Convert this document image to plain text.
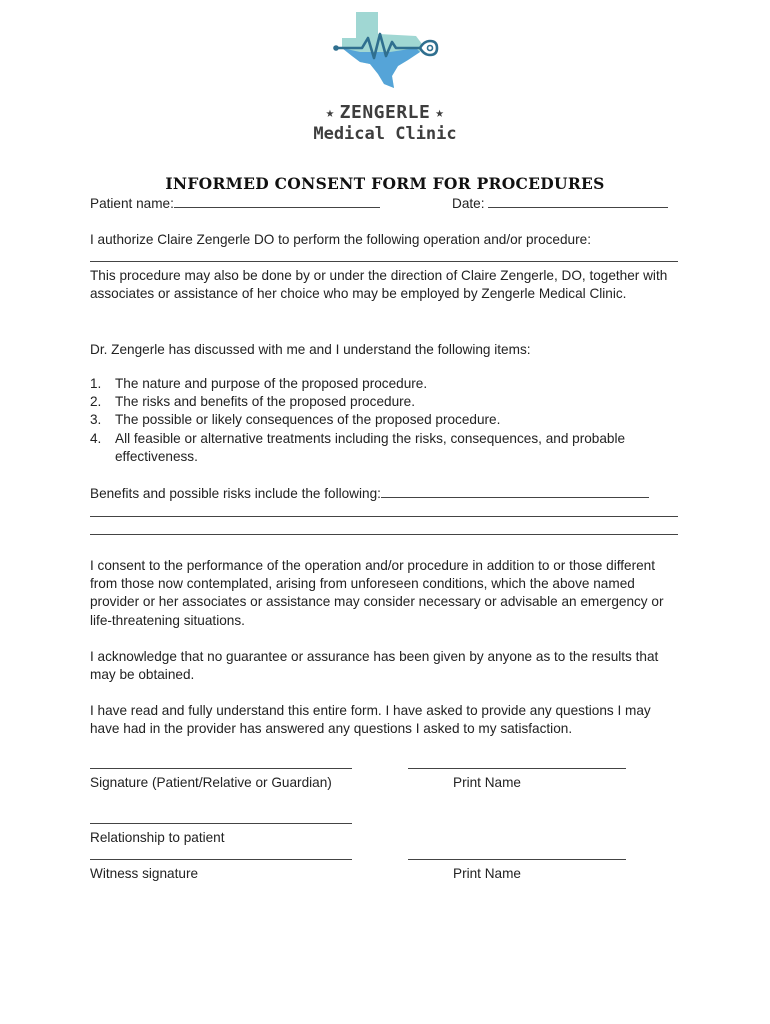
★ ZENGERLE ★
Medical Clinic
INFORMED CONSENT FORM FOR PROCEDURES
Patient name:	Date:
I authorize Claire Zengerle DO to perform the following operation and/or procedure:
This procedure may also be done by or under the direction of Claire Zengerle, DO, together with associates or assistance of her choice who may be employed by Zengerle Medical Clinic.
Dr. Zengerle has discussed with me and I understand the following items:
1. The nature and purpose of the proposed procedure.
2. The risks and benefits of the proposed procedure.
3. The possible or likely consequences of the proposed procedure.
4. All feasible or alternative treatments including the risks, consequences, and probable effectiveness.
Benefits and possible risks include the following:
I consent to the performance of the operation and/or procedure in addition to or those different from those now contemplated, arising from unforeseen conditions, which the above named provider or her associates or assistance may consider necessary or advisable an emergency or life-threatening situations.
I acknowledge that no guarantee or assurance has been given by anyone as to the results that may be obtained.
I have read and fully understand this entire form. I have asked to provide any questions I may have had in the provider has answered any questions I asked to my satisfaction.
Signature (Patient/Relative or Guardian)	Print Name
Relationship to patient
Witness signature	Print Name
